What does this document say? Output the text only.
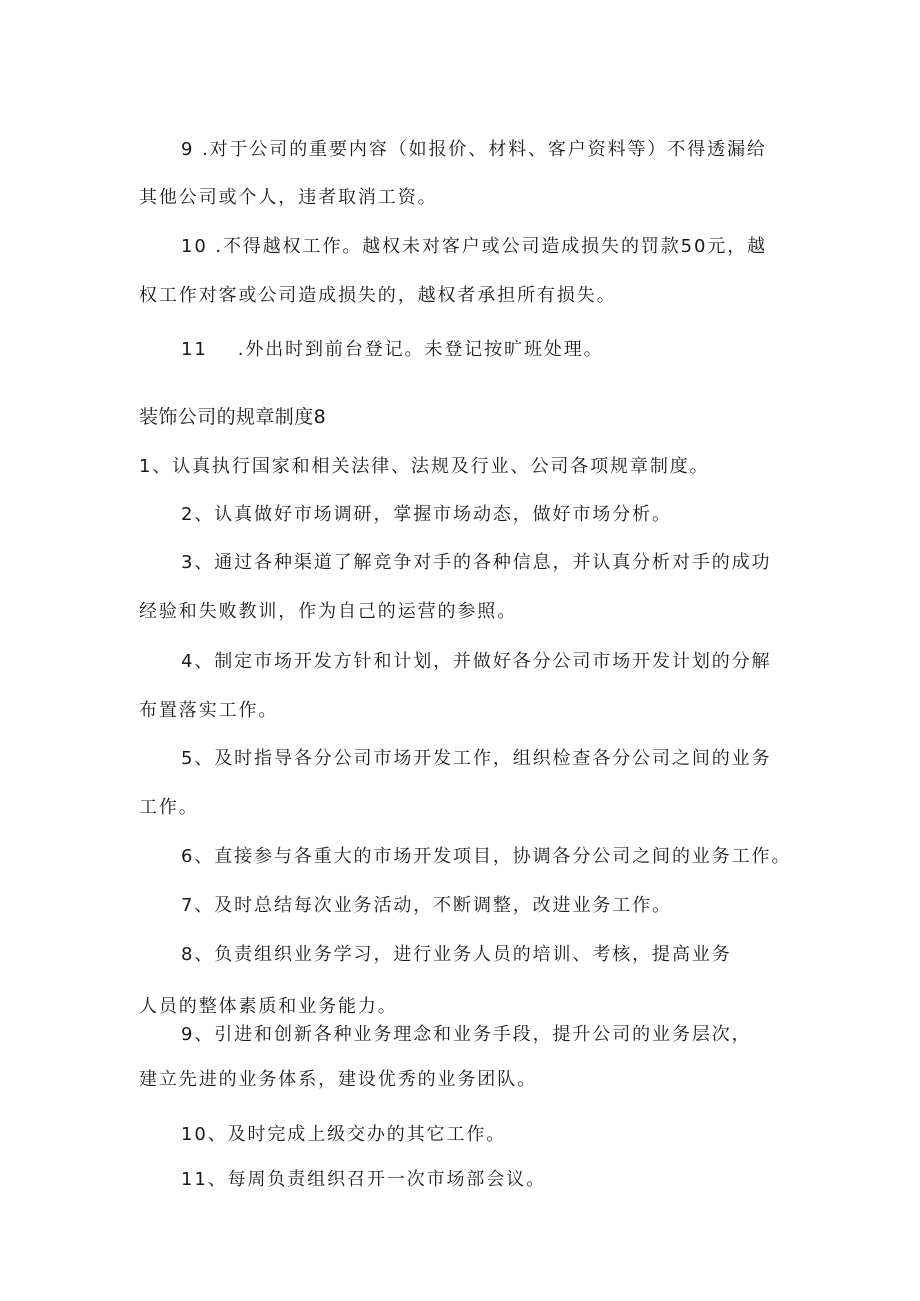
9 .对于公司的重要内容（如报价、材料、客户资料等）不得透漏给
其他公司或个人，违者取消工资。
10 .不得越权工作。越权未对客户或公司造成损失的罚款50元，越
权工作对客或公司造成损失的，越权者承担所有损失。
11 .外出时到前台登记。未登记按旷班处理。
装饰公司的规章制度8
1、认真执行国家和相关法律、法规及行业、公司各项规章制度。
2、认真做好市场调研，掌握市场动态，做好市场分析。
3、通过各种渠道了解竞争对手的各种信息，并认真分析对手的成功
经验和失败教训，作为自己的运营的参照。
4、制定市场开发方针和计划，并做好各分公司市场开发计划的分解
布置落实工作。
5、及时指导各分公司市场开发工作，组织检查各分公司之间的业务
工作。
6、直接参与各重大的市场开发项目，协调各分公司之间的业务工作。
7、及时总结每次业务活动，不断调整，改进业务工作。
8、负责组织业务学习，进行业务人员的培训、考核，提高业务
人员的整体素质和业务能力。
9、引进和创新各种业务理念和业务手段，提升公司的业务层次，
建立先进的业务体系，建设优秀的业务团队。
10、及时完成上级交办的其它工作。
11、每周负责组织召开一次市场部会议。
